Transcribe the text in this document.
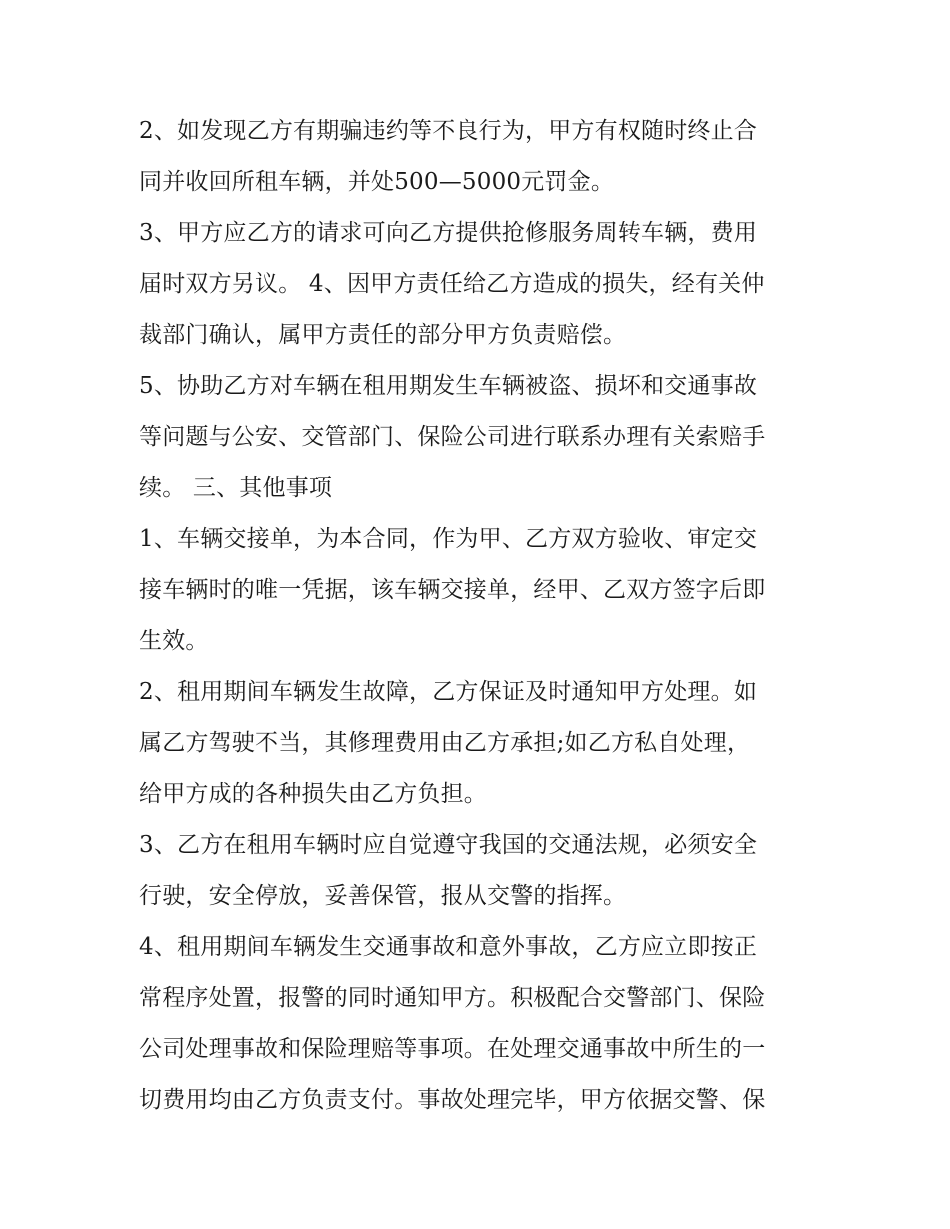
2、如发现乙方有期骗违约等不良行为，甲方有权随时终止合
同并收回所租车辆，并处500—5000元罚金。
3、甲方应乙方的请求可向乙方提供抢修服务周转车辆，费用
届时双方另议。 4、因甲方责任给乙方造成的损失，经有关仲
裁部门确认，属甲方责任的部分甲方负责赔偿。
5、协助乙方对车辆在租用期发生车辆被盗、损坏和交通事故
等问题与公安、交管部门、保险公司进行联系办理有关索赔手
续。 三、其他事项
1、车辆交接单，为本合同，作为甲、乙方双方验收、审定交
接车辆时的唯一凭据，该车辆交接单，经甲、乙双方签字后即
生效。
2、租用期间车辆发生故障，乙方保证及时通知甲方处理。如
属乙方驾驶不当，其修理费用由乙方承担;如乙方私自处理，
给甲方成的各种损失由乙方负担。
3、乙方在租用车辆时应自觉遵守我国的交通法规，必须安全
行驶，安全停放，妥善保管，报从交警的指挥。
4、租用期间车辆发生交通事故和意外事故，乙方应立即按正
常程序处置，报警的同时通知甲方。积极配合交警部门、保险
公司处理事故和保险理赔等事项。在处理交通事故中所生的一
切费用均由乙方负责支付。事故处理完毕，甲方依据交警、保
